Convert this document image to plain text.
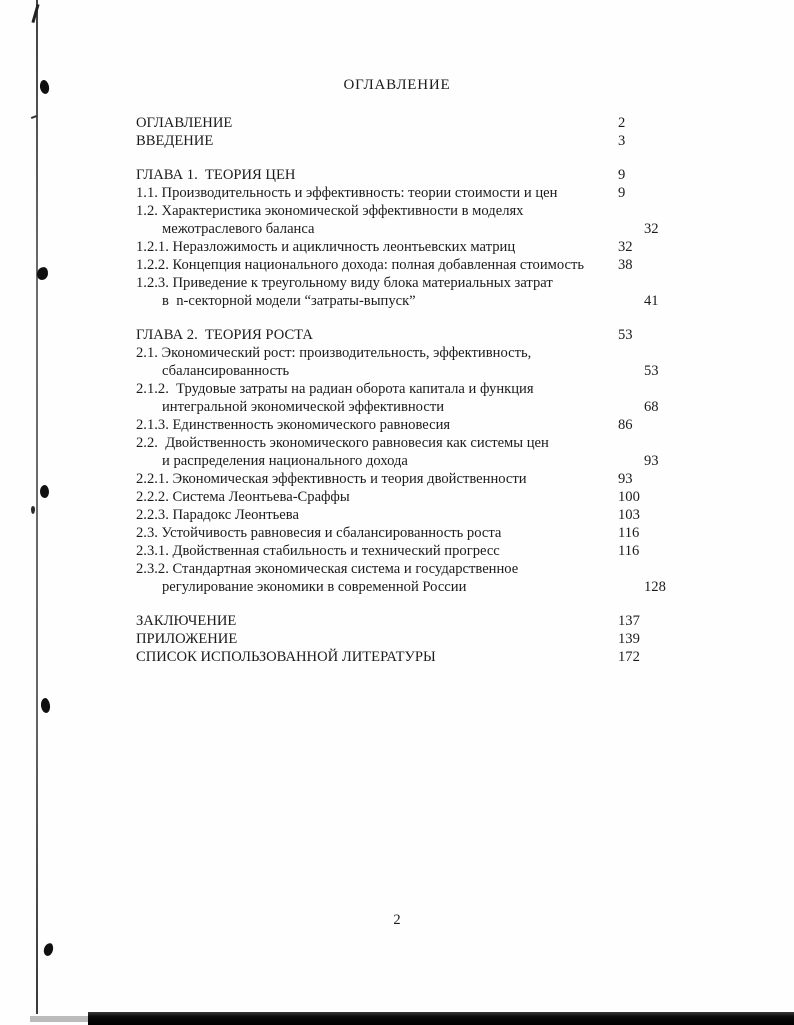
ОГЛАВЛЕНИЕ
ОГЛАВЛЕНИЕ	2
ВВЕДЕНИЕ	3
ГЛАВА 1.  ТЕОРИЯ ЦЕН	9
1.1. Производительность и эффективность: теории стоимости и цен	9
1.2. Характеристика экономической эффективности в моделях
межотраслевого баланса	32
1.2.1. Неразложимость и ацикличность леонтьевских матриц	32
1.2.2. Концепция национального дохода: полная добавленная стоимость	38
1.2.3. Приведение к треугольному виду блока материальных затрат
в  n-секторной модели “затраты-выпуск”	41
ГЛАВА 2.  ТЕОРИЯ РОСТА	53
2.1. Экономический рост: производительность, эффективность,
сбалансированность	53
2.1.2.  Трудовые затраты на радиан оборота капитала и функция
интегральной экономической эффективности	68
2.1.3. Единственность экономического равновесия	86
2.2.  Двойственность экономического равновесия как системы цен
и распределения национального дохода	93
2.2.1. Экономическая эффективность и теория двойственности	93
2.2.2. Система Леонтьева-Сраффы	100
2.2.3. Парадокс Леонтьева	103
2.3. Устойчивость равновесия и сбалансированность роста	116
2.3.1. Двойственная стабильность и технический прогресс	116
2.3.2. Стандартная экономическая система и государственное
регулирование экономики в современной России	128
ЗАКЛЮЧЕНИЕ	137
ПРИЛОЖЕНИЕ	139
СПИСОК ИСПОЛЬЗОВАННОЙ ЛИТЕРАТУРЫ	172
2
